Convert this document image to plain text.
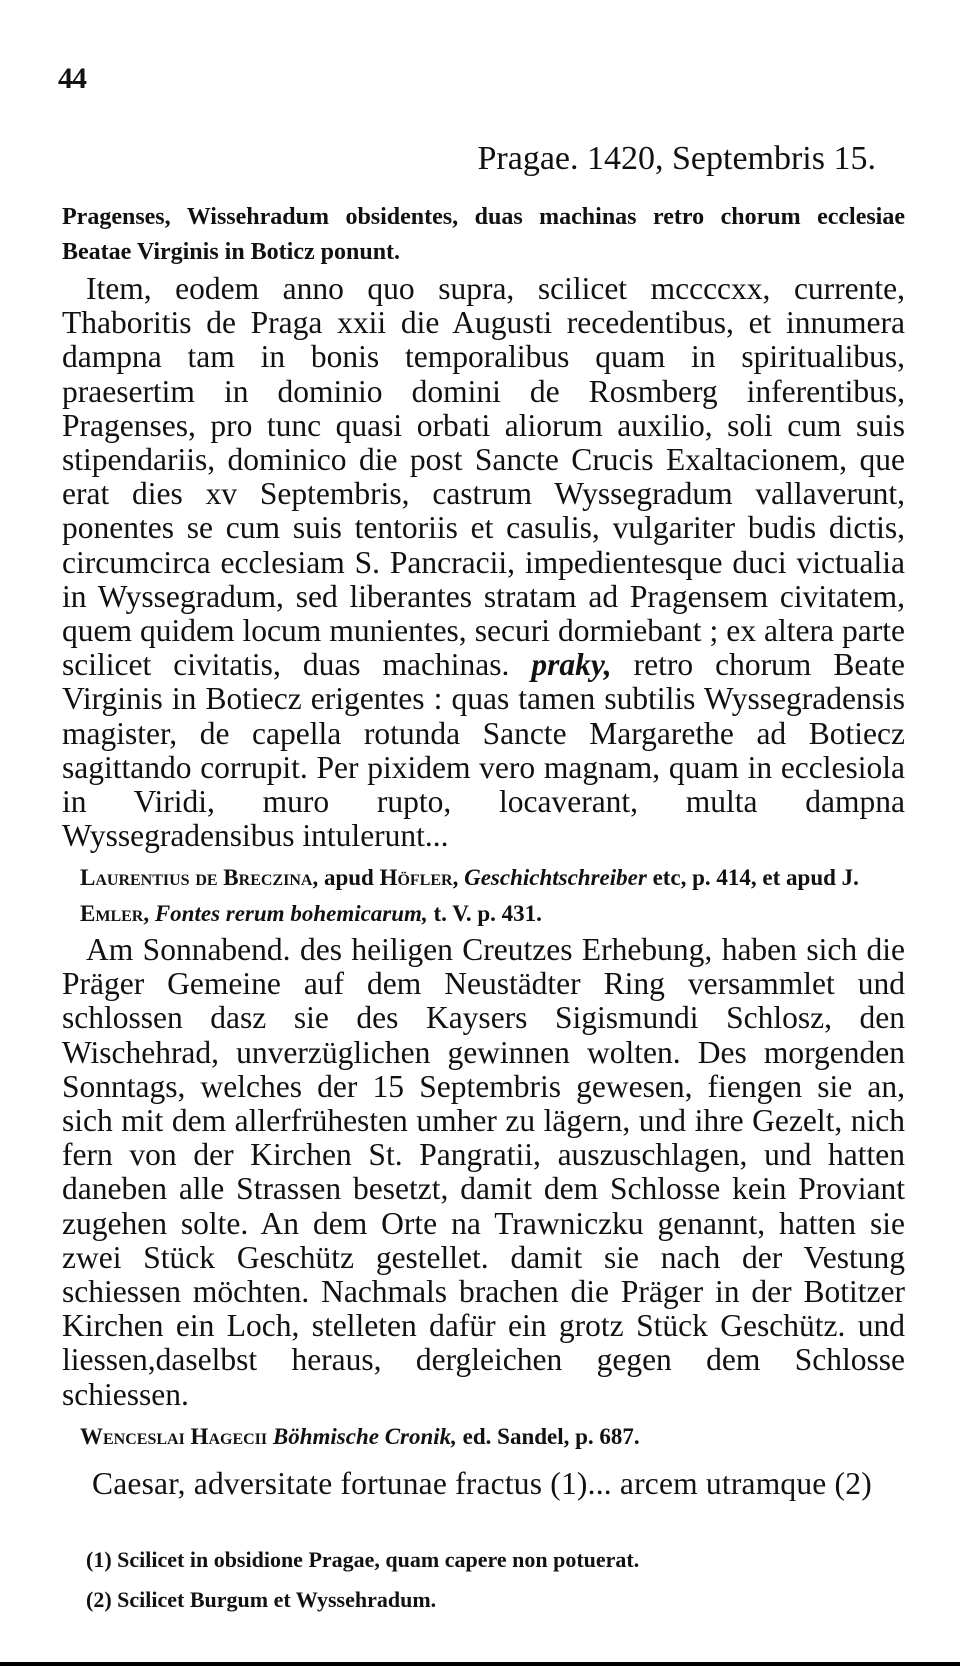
44
Pragae. 1420, Septembris 15.

Pragenses, Wissehradum obsidentes, duas machinas retro chorum ecclesiae Beatae Virginis in Boticz ponunt.

Item, eodem anno quo supra, scilicet mccccxx, currente, Thaboritis de Praga xxii die Augusti recedentibus, et innumera dampna tam in bonis temporalibus quam in spiritualibus, praesertim in dominio domini de Rosmberg inferentibus, Pragenses, pro tunc quasi orbati aliorum auxilio, soli cum suis stipendariis, dominico die post Sancte Crucis Exaltacionem, que erat dies xv Septembris, castrum Wyssegradum vallaverunt, ponentes se cum suis tentoriis et casulis, vulgariter budis dictis, circumcirca ecclesiam S. Pancracii, impedientesque duci victualia in Wyssegradum, sed liberantes stratam ad Pragensem civitatem, quem quidem locum munientes, securi dormiebant ; ex altera parte scilicet civitatis, duas machinas. praky, retro chorum Beate Virginis in Botiecz erigentes : quas tamen subtilis Wyssegradensis magister, de capella rotunda Sancte Margarethe ad Botiecz sagittando corrupit. Per pixidem vero magnam, quam in ecclesiola in Viridi, muro rupto, locaverant, multa dampna Wyssegradensibus intulerunt...

Laurentius de Breczina, apud Höfler, Geschichtschreiber etc, p. 414, et apud J. Emler, Fontes rerum bohemicarum, t. V. p. 431.

Am Sonnabend. des heiligen Creutzes Erhebung, haben sich die Präger Gemeine auf dem Neustädter Ring versammlet und schlossen dasz sie des Kaysers Sigismundi Schlosz, den Wischehrad, unverzüglichen gewinnen wolten. Des morgenden Sonntags, welches der 15 Septembris gewesen, fiengen sie an, sich mit dem allerfrühesten umher zu lägern, und ihre Gezelt, nich fern von der Kirchen St. Pangratii, auszuschlagen, und hatten daneben alle Strassen besetzt, damit dem Schlosse kein Proviant zugehen solte. An dem Orte na Trawniczku genannt, hatten sie zwei Stück Geschütz gestellet. damit sie nach der Vestung schiessen möchten. Nachmals brachen die Präger in der Botitzer Kirchen ein Loch, stelleten dafür ein grotz Stück Geschütz. und liessen,daselbst heraus, dergleichen gegen dem Schlosse schiessen.

Wenceslai Hagecii Böhmische Cronik, ed. Sandel, p. 687.

Caesar, adversitate fortunae fractus (1)... arcem utramque (2)

(1) Scilicet in obsidione Pragae, quam capere non potuerat.
(2) Scilicet Burgum et Wyssehradum.
